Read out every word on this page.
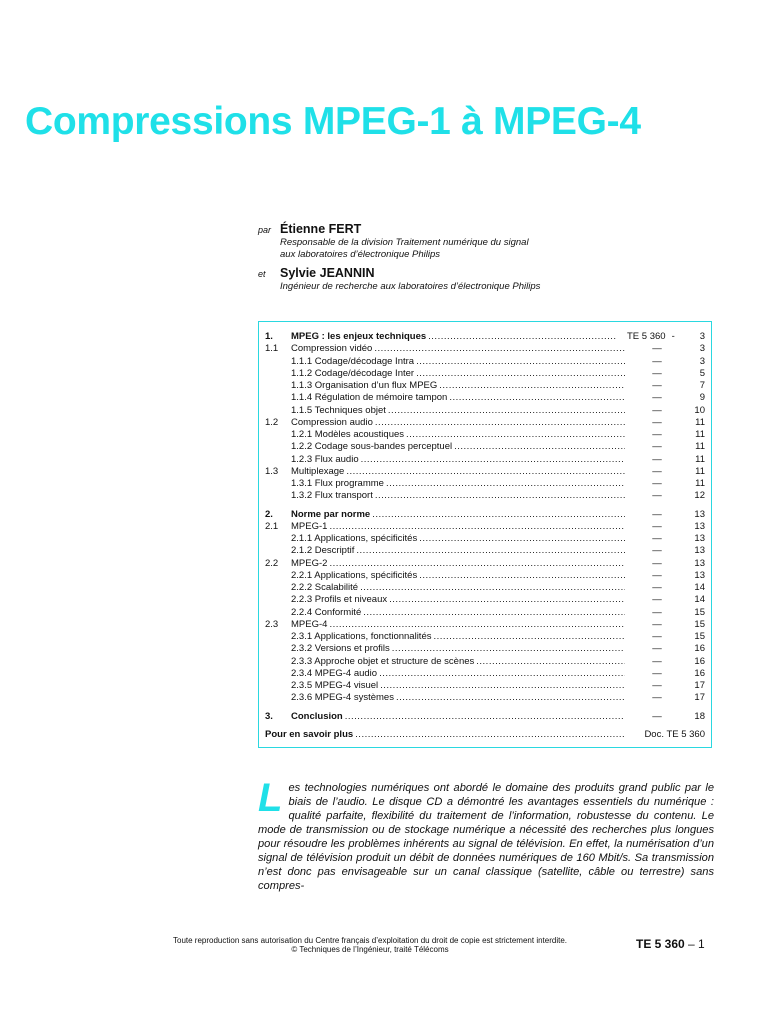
Compressions MPEG-1 à MPEG-4
par Étienne FERT
Responsable de la division Traitement numérique du signal
aux laboratoires d’électronique Philips
et	Sylvie JEANNIN
Ingénieur de recherche aux laboratoires d’électronique Philips
1.	MPEG : les enjeux techniques .....	TE 5 360 -	3
1.1	Compression vidéo .....	—	3
1.1.1 Codage/décodage Intra .....	—	3
1.1.2 Codage/décodage Inter .....	—	5
1.1.3 Organisation d’un flux MPEG .....	—	7
1.1.4 Régulation de mémoire tampon .....	—	9
1.1.5 Techniques objet .....	—	10
1.2	Compression audio .....	—	11
1.2.1 Modèles acoustiques .....	—	11
1.2.2 Codage sous-bandes perceptuel .....	—	11
1.2.3 Flux audio .....	—	11
1.3	Multiplexage .....	—	11
1.3.1 Flux programme .....	—	11
1.3.2 Flux transport .....	—	12
2.	Norme par norme .....	—	13
2.1	MPEG-1 .....	—	13
2.1.1 Applications, spécificités .....	—	13
2.1.2 Descriptif .....	—	13
2.2	MPEG-2 .....	—	13
2.2.1 Applications, spécificités .....	—	13
2.2.2 Scalabilité .....	—	14
2.2.3 Profils et niveaux .....	—	14
2.2.4 Conformité .....	—	15
2.3	MPEG-4 .....	—	15
2.3.1 Applications, fonctionnalités .....	—	15
2.3.2 Versions et profils .....	—	16
2.3.3 Approche objet et structure de scènes .....	—	16
2.3.4 MPEG-4 audio .....	—	16
2.3.5 MPEG-4 visuel .....	—	17
2.3.6 MPEG-4 systèmes .....	—	17
3.	Conclusion .....	—	18
Pour en savoir plus .....	Doc. TE 5 360
Les technologies numériques ont abordé le domaine des produits grand public par le biais de l’audio. Le disque CD a démontré les avantages essentiels du numérique : qualité parfaite, flexibilité du traitement de l’information, robustesse du contenu. Le mode de transmission ou de stockage numérique a nécessité des recherches plus longues pour résoudre les problèmes inhérents au signal de télévision. En effet, la numérisation d’un signal de télévision produit un débit de données numériques de 160 Mbit/s. Sa transmission n’est donc pas envisageable sur un canal classique (satellite, câble ou terrestre) sans compres-
Toute reproduction sans autorisation du Centre français d’exploitation du droit de copie est strictement interdite.
© Techniques de l’Ingénieur, traité Télécoms	TE 5 360 – 1
